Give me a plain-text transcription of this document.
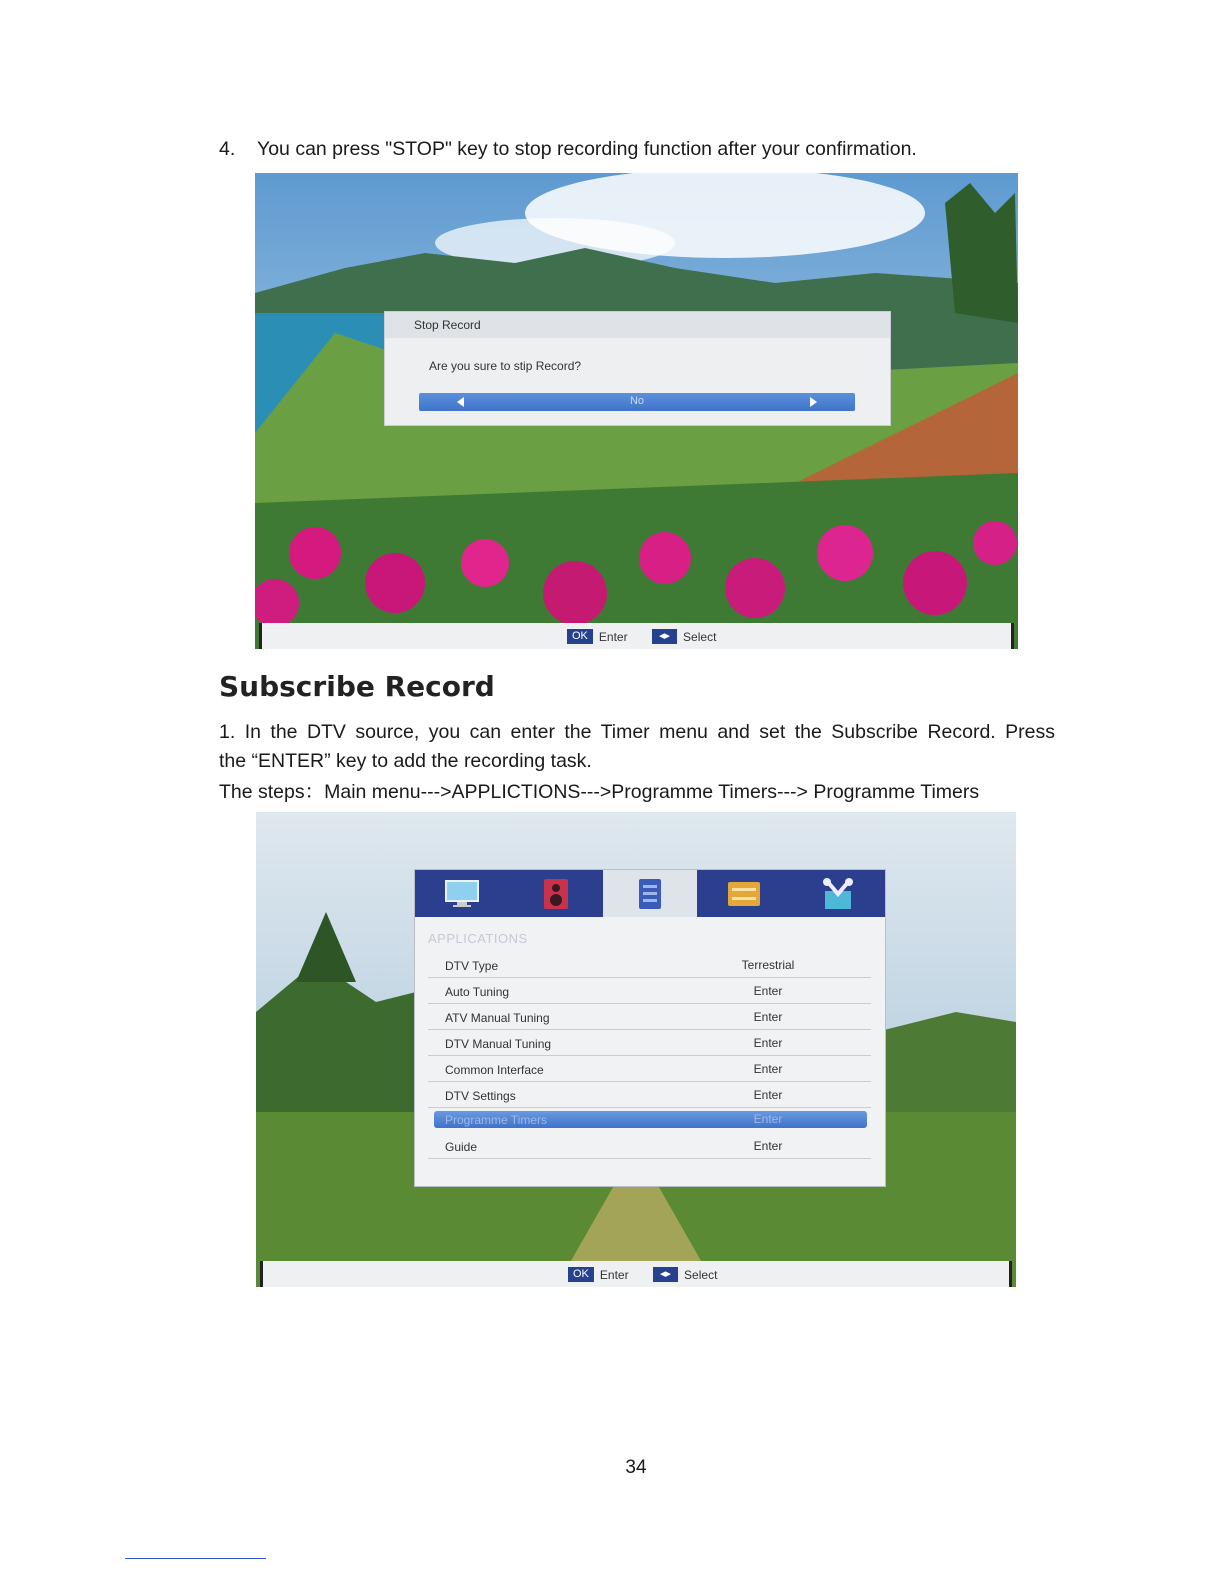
4. You can press "STOP" key to stop recording function after your confirmation.
Stop Record
Are you sure to stip Record?
No
OK Enter	◂▸	Select
Subscribe Record

1. In the DTV source, you can enter the Timer menu and set the Subscribe Record. Press

the “ENTER” key to add the recording task.

The steps：Main menu--->APPLICTIONS--->Programme Timers---> Programme Timers
APPLICATIONS
DTV Type	Terrestrial
Auto Tuning	Enter
ATV Manual Tuning	Enter
DTV Manual Tuning	Enter
Common Interface	Enter
DTV Settings	Enter
Programme Timers	Enter
Guide	Enter
OK Enter	◂▸	Select
34
